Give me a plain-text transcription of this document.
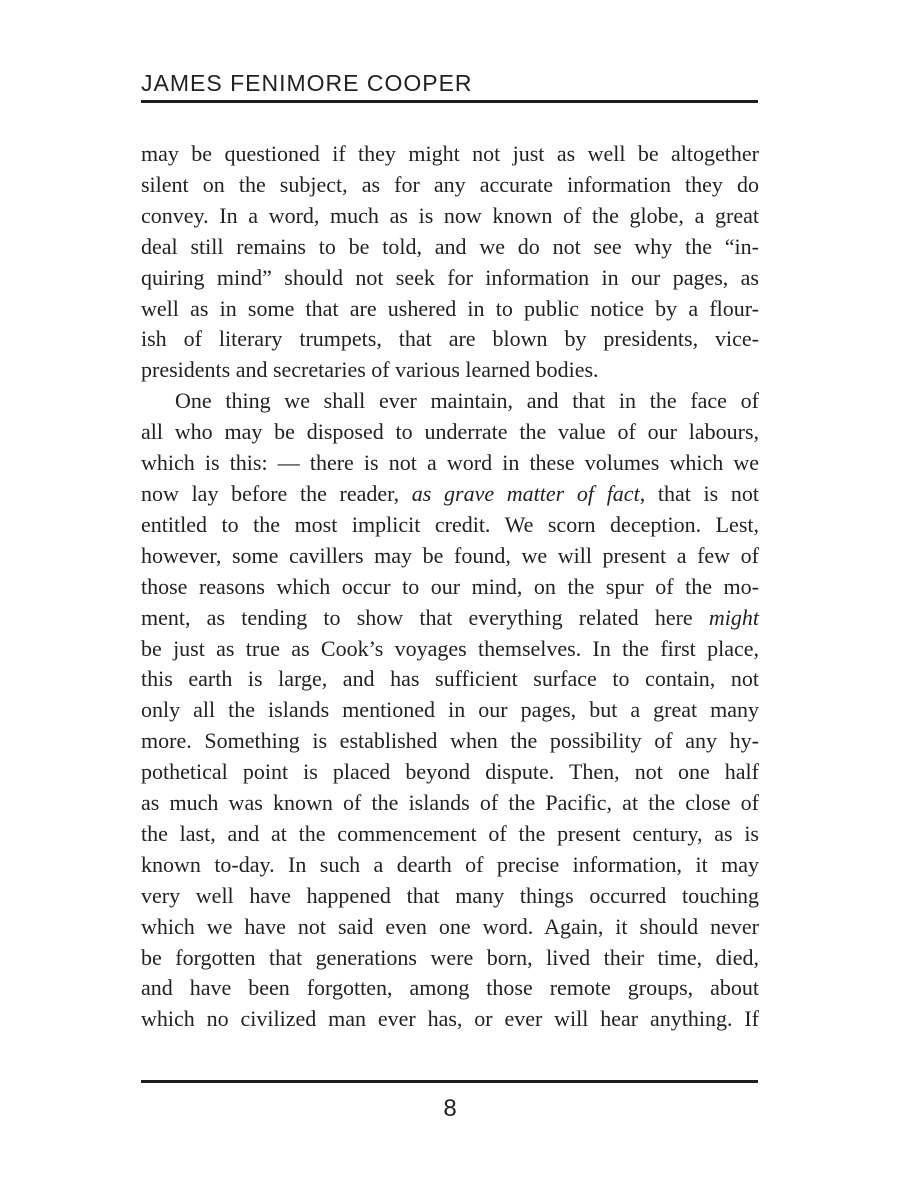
JAMES FENIMORE COOPER

may be questioned if they might not just as well be altogether
silent on the subject, as for any accurate information they do
convey. In a word, much as is now known of the globe, a great
deal still remains to be told, and we do not see why the “in-
quiring mind” should not seek for information in our pages, as
well as in some that are ushered in to public notice by a flour-
ish of literary trumpets, that are blown by presidents, vice-
presidents and secretaries of various learned bodies.

One thing we shall ever maintain, and that in the face of
all who may be disposed to underrate the value of our labours,
which is this: — there is not a word in these volumes which we
now lay before the reader, as grave matter of fact, that is not
entitled to the most implicit credit. We scorn deception. Lest,
however, some cavillers may be found, we will present a few of
those reasons which occur to our mind, on the spur of the mo-
ment, as tending to show that everything related here might
be just as true as Cook’s voyages themselves. In the first place,
this earth is large, and has sufficient surface to contain, not
only all the islands mentioned in our pages, but a great many
more. Something is established when the possibility of any hy-
pothetical point is placed beyond dispute. Then, not one half
as much was known of the islands of the Pacific, at the close of
the last, and at the commencement of the present century, as is
known to-day. In such a dearth of precise information, it may
very well have happened that many things occurred touching
which we have not said even one word. Again, it should never
be forgotten that generations were born, lived their time, died,
and have been forgotten, among those remote groups, about
which no civilized man ever has, or ever will hear anything. If

8
